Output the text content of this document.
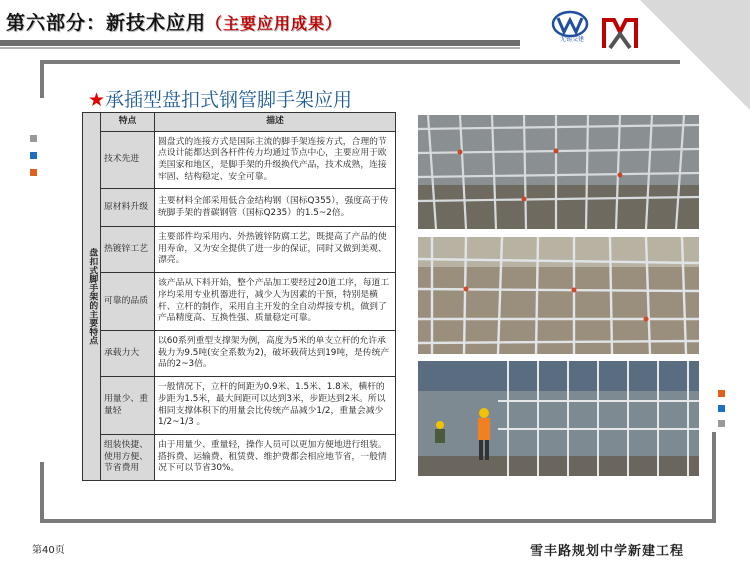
第六部分：新技术应用（主要应用成果）
无锡交建
★承插型盘扣式钢管脚手架应用
盘扣式脚手架的主要特点	特点	描述
	技术先进	圆盘式的连接方式是国际主流的脚手架连接方式，合理的节点设计能都达到各杆件传力均通过节点中心，主要应用于欧美国家和地区，是脚手架的升级换代产品，技术成熟，连接牢固、结构稳定、安全可靠。
	原材料升级	主要材料全部采用低合金结构钢（国标Q355），强度高于传统脚手架的普碳钢管（国标Q235）的1.5~2倍。
	热镀锌工艺	主要部件均采用内、外热镀锌防腐工艺，既提高了产品的使用寿命，又为安全提供了进一步的保证，同时又做到美观、漂亮。
	可靠的品质	该产品从下料开始，整个产品加工要经过20道工序，每道工序均采用专业机器进行，减少人为因素的干预，特别是横杆、立杆的制作，采用自主开发的全自动焊接专机，做到了产品精度高、互换性强、质量稳定可靠。
	承载力大	以60系列重型支撑架为例，高度为5米的单支立杆的允许承载力为9.5吨(安全系数为2)，破坏载荷达到19吨，是传统产品的2~3倍。
	用量少、重量轻	一般情况下，立杆的间距为0.9米、1.5米、1.8米，横杆的步距为1.5米，最大间距可以达到3米，步距达到2米。所以相同支撑体积下的用量会比传统产品减少1/2，重量会减少1/2~1/3 。
	组装快捷、使用方便、节省费用	由于用量少、重量轻，操作人员可以更加方便地进行组装。搭拆费、运输费、租赁费、维护费都会相应地节省，一般情况下可以节省30%。
第40页	雪丰路规划中学新建工程
